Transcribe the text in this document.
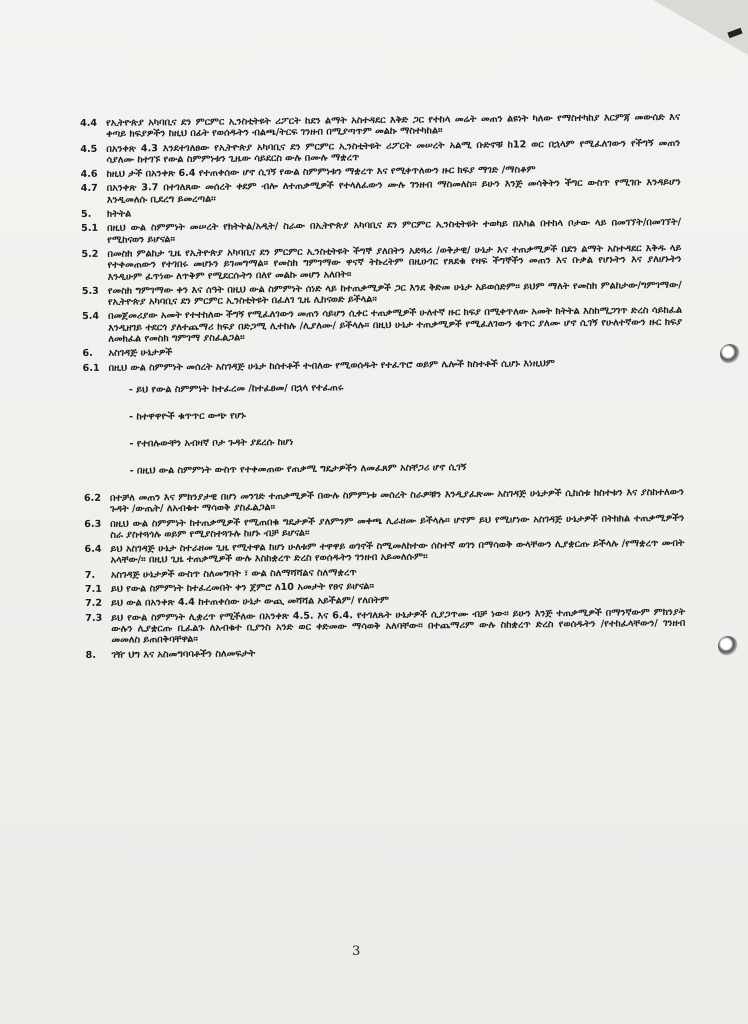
4.4 የኢትዮጵያ አካባቢና ደን ምርምር ኢንስቲትዩት ሪፖርት ከደን ልማት አስተዳደር እቅድ ጋር የተከላ መሬት መጠን ልዩነት ካለው የማስተካከያ እርምጃ መውሰድ እና ቀጣይ ክፍያዎችን ከዚህ በፊት የወሰዱትን ብልጫ/ትርፍ ገንዘብ በሚያጣጥም መልኩ ማስተካከል፡፡
4.5 በአንቀጽ 4.3 እንደተገለፀው የኢትዮጵያ አካባቢና ደን ምርምር ኢንስቲትዩት ሪፖርት መሠረት አልሚ ቡድኖቹ ከ12 ወር በኋላም የሚፈለገውን የችግኝ መጠን ሳያለሙ ከተገኙ የውል ስምምነቱን ጊዜው ሳይደርስ ውሉ በሙሉ ማቋረጥ
4.6 ከዚህ ታች በአንቀጽ 6.4 የተጠቀሰው ሆኖ ሲገኝ የውል ስምምነቱን ማቋረጥ እና የሚቀጥለውን ዙር ክፍያ ማገድ /ማስቆም
4.7 በአንቀጽ 3.7 በተገለጸው መሰረት ቀደም ብሎ ለተጠቃሚዎች የተላለፈውን ሙሉ ገንዘብ ማስመለስ፡፡ ይሁን እንጅ መሳቅትን ችግር ውስጥ የሚገቡ እንዳይሆን እንዲመለሱ ቢደረግ ይመረጣል፡፡
5.	ክትትል
5.1 በዚህ ውል ስምምነት መሠረት የክትትል/አዲት/ ስራው በኢትዮጵያ አካባቢና ደን ምርምር ኢንስቲትዩት ተወካይ በአካል በተከላ ቦታው ላይ በመገኘት/በመገኘት/ የሚከናወን ይሆናል፡፡
5.2 በመስክ ምልከታ ጊዜ የኢትዮጵያ አካባቢና ደን ምርምር ኢንስቲትዩት ችግኞ ያለበትን አድጓሪ /ወቅታዊ/ ሁኔታ እና ተጠቃሚዎች በደን ልማት አስተዳደር እቅዱ ላይ የተቀመጠውን የተገበሩ መሆኑን ይገመግማል፡፡ የመስክ ግምገማው ዋናኛ ትኩረትም በዚሁገር የጸደቁ የዛፍ ችግኞችን መጠን እና ቡቃል የሆኑትን እና ያለሆኑትን እንዲሁም ፈጥነው ለጥቅም የሚደርሱትን በለየ መልኩ መሆን አለበት፡፡
5.3 የመስክ ግምገማው ቀን እና ሰዓት በዚህ ውል ስምምነት ሰነድ ላይ ከተጠቃሚዎች ጋር እንደ ቅድመ ሁኔታ አይወሰድም፡፡ ይህም ማለት የመስክ ምልከታው/ግምገማው/ የኢትዮጵያ አካባቢና ደን ምርምር ኢንስቲትዩት በፈለገ ጊዜ ሊከናወድ ይችላል፡፡
5.4 በመጀመሪያው አመት የተተከለው ችግኝ የሚፈለገውን መጠን ሳይሆን ሲቀር ተጠቃሚዎች ሁለተኛ ዙር ክፍያ በሚቀጥለው አመት ክትትል እስከሚጋገጥ ድረስ ሳይከፈል እንዲዘገይ ተደርጎ ያለተጨማሪ ክፍያ በድጋሚ ሊተከሉ /ሊያለሙ/ ይችላሉ፡፡ በዚህ ሁኔታ ተጠቃሚዎች የሚፈለገውን ቁጥር ያለሙ ሆኖ ሲገኝ የሁለተኛውን ዙር ክፍያ ለመክፈል የመስክ ግምገማ ያስፈልጋል፡፡
6.	አስገዳጅ ሁኔታዎች
6.1 በዚህ ውል ስምምነት መሰረት አስገዳጅ ሁኔታ ከሰተቶች ተብለው የሚወሰዱት የተፈጥሮ ወይም ሌሎች ክስተቶች ሲሆኑ እነዚህም
- ይህ የውል ስምምነት ከተፈረመ /ከተፈፀመ/ በኋላ የተፈጠሩ
- ከተዋዋዮች ቁጥጥር ውጭ የሆኑ
- የተበሉውቸን አብዛኛ ቦታ ጉዳት ያደረሱ ከሆነ
- በዚህ ውል ስምምነት ውስጥ የተቀመጠው የጠቃሚ ግዴታዎችን ለመፈጸም አስቸጋሪ ሆኖ ሲገኝ
6.2 በተቻለ መጠን እና ምክንያታዊ በሆነ መንገድ ተጠቃሚዎች በውሉ ስምምነቱ መሰረት ስራዎቹን እንዲያፈጽሙ አስገዳጅ ሁኔታዎች ሲከሰቱ ክስተቱን እና ያስከተለውን ጉዳት /ውጤት/ ለአብቁተ ማሳወቅ ያስፈልጋል፡፡
6.3 በዚህ ውል ስምምነት ከተጠቃሚዎች የሚጠበቁ ግዴታዎች ያለምንም መቀጫ ሊራዘሙ ይችላሉ፡፡ ሆኖም ይህ የሚሆነው አስገዳጅ ሁኔታዎች በትክክል ተጠቃሚዎችን ስራ ያስተጓጎሉ ወይም የሚያስተጓጉሉ ከሆኑ ብቻ ይሆናል፡፡
6.4 ይህ አስገዳጅ ሁኔታ ስተራዘመ ጊዜ የሚተዋል ከሆነ ሁለቱም ተዋዋይ ወገኖች ስሚመለከተው ሰስተኛ ወገን በማሳወቅ ውላቸውን ሊያቋርጡ ይችላሉ /የማቋረጥ መብት አላቸው/፡፡ በዚህ ጊዜ ተጠቃሚዎች ውሉ እስከቋረጥ ድረስ የወሰዱትን ገንዘብ አይመለሱም፡፡
7.	አስገዳጅ ሁኔታዎች ውስጥ ስለመግባት ፣ ውል ስለማሻሻልና ስለማቋረጥ
7.1 ይህ የውል ስምምነት ከተፈረመበት ቀን ጀምሮ ለ10 አመታት የፀና ይሆናል፡፡
7.2 ይህ ውል በአንቀጽ 4.4 ከተጠቀሰው ሁኔታ ውጪ መሻሻል አይችልም/ የለበትም
7.3 ይህ የውል ስምምነት ሊቋረጥ የሚችለው በአንቀጽ 4.5. እና 6.4. የተገለጹት ሁኔታዎች ሲያጋጥሙ ብቻ ነው፡፡ ይሁን እንጅ ተጠቃሚዎች በማንኛውም ምክንያት ውሉን ሊያቋርጡ ቢፈልጉ ለአብቁተ ቢያንስ አንድ ወር ቀድመው ማሳወቅ አለባቸው፡፡ በተጨማሪም ውሉ ስከቋረጥ ድረስ የወሰዱትን /የተከፈላቸውን/ ገንዘብ መመለስ ይጠበቅባቸዋል፡፡
8.	ገዥ ህግ እና አስመግባባቶችን ስለመፍታት
3
